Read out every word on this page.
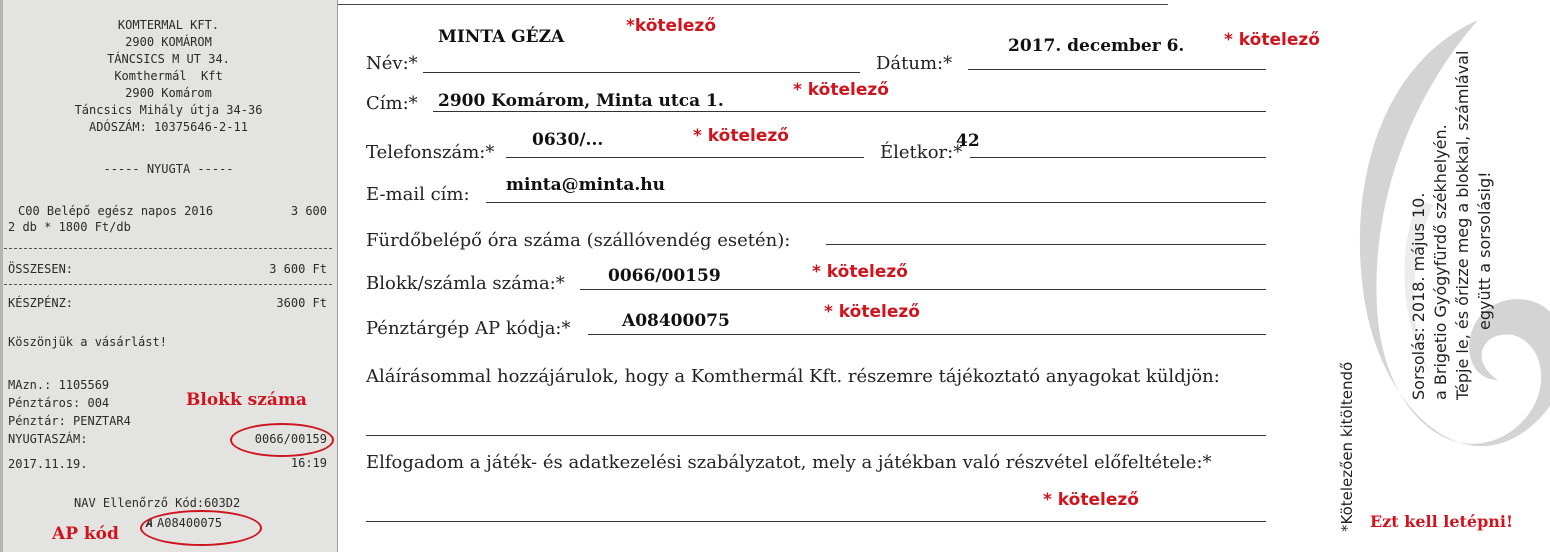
KOMTERMAL KFT.
2900 KOMÁROM
TÁNCSICS M UT 34.
Komthermál  Kft
2900 Komárom
Táncsics Mihály útja 34-36
ADÓSZÁM: 10375646-2-11
----- NYUGTA -----
C00 Belépő egész napos 2016	3 600
2 db * 1800 Ft/db
ÖSSZESEN:	3 600 Ft
KÉSZPÉNZ:	3600 Ft
Köszönjük a vásárlást!
MAzn.: 1105569
Pénztáros: 004
Pénztár: PENZTAR4
NYUGTASZÁM:	0066/00159
2017.11.19.	16:19
NAV Ellenőrző Kód:603D2
A A08400075
Blokk száma
AP kód
Név:*
MINTA GÉZA
*kötelező
Dátum:*
2017. december 6. * kötelező
Cím:* 2900 Komárom, Minta utca 1.
* kötelező
Telefonszám:*
0630/...	* kötelező
Életkor:*
42
E-mail cím: minta@minta.hu
Fürdőbelépő óra száma (szállóvendég esetén):
Blokk/számla száma:*	0066/00159	* kötelező
Pénztárgép AP kódja:*	A08400075	* kötelező
Aláírásommal hozzájárulok, hogy a Komthermál Kft. részemre tájékoztató anyagokat küldjön:
Elfogadom a játék- és adatkezelési szabályzatot, mely a játékban való részvétel előfeltétele:*
* kötelező	*Kötelezően kitöltendő
Sorsolás: 2018. május 10. a Brigetio Gyógyfürdő székhelyén. Tépje le, és őrizze meg a blokkal, számlával együtt a sorsolásig!
Ezt kell letépni!
